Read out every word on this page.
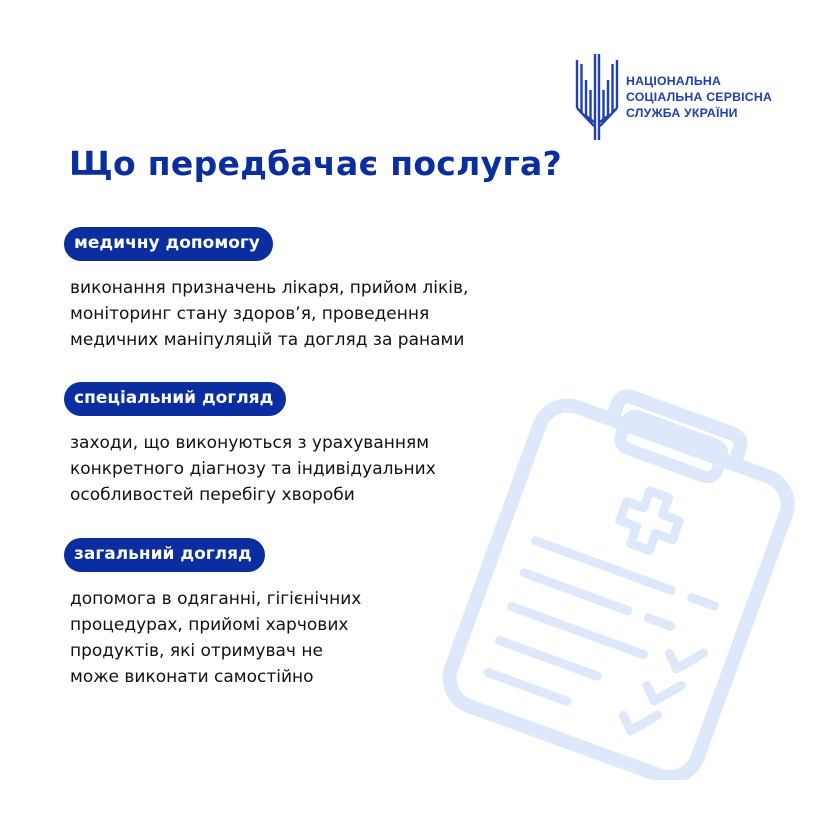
НАЦІОНАЛЬНА
СОЦІАЛЬНА СЕРВІСНА
СЛУЖБА УКРАЇНИ
Що передбачає послуга?
медичну допомогу
виконання призначень лікаря, прийом ліків,
моніторинг стану здоров’я, проведення
медичних маніпуляцій та догляд за ранами
спеціальний догляд
заходи, що виконуються з урахуванням
конкретного діагнозу та індивідуальних
особливостей перебігу хвороби
загальний догляд
допомога в одяганні, гігієнічних
процедурах, прийомі харчових
продуктів, які отримувач не
може виконати самостійно
